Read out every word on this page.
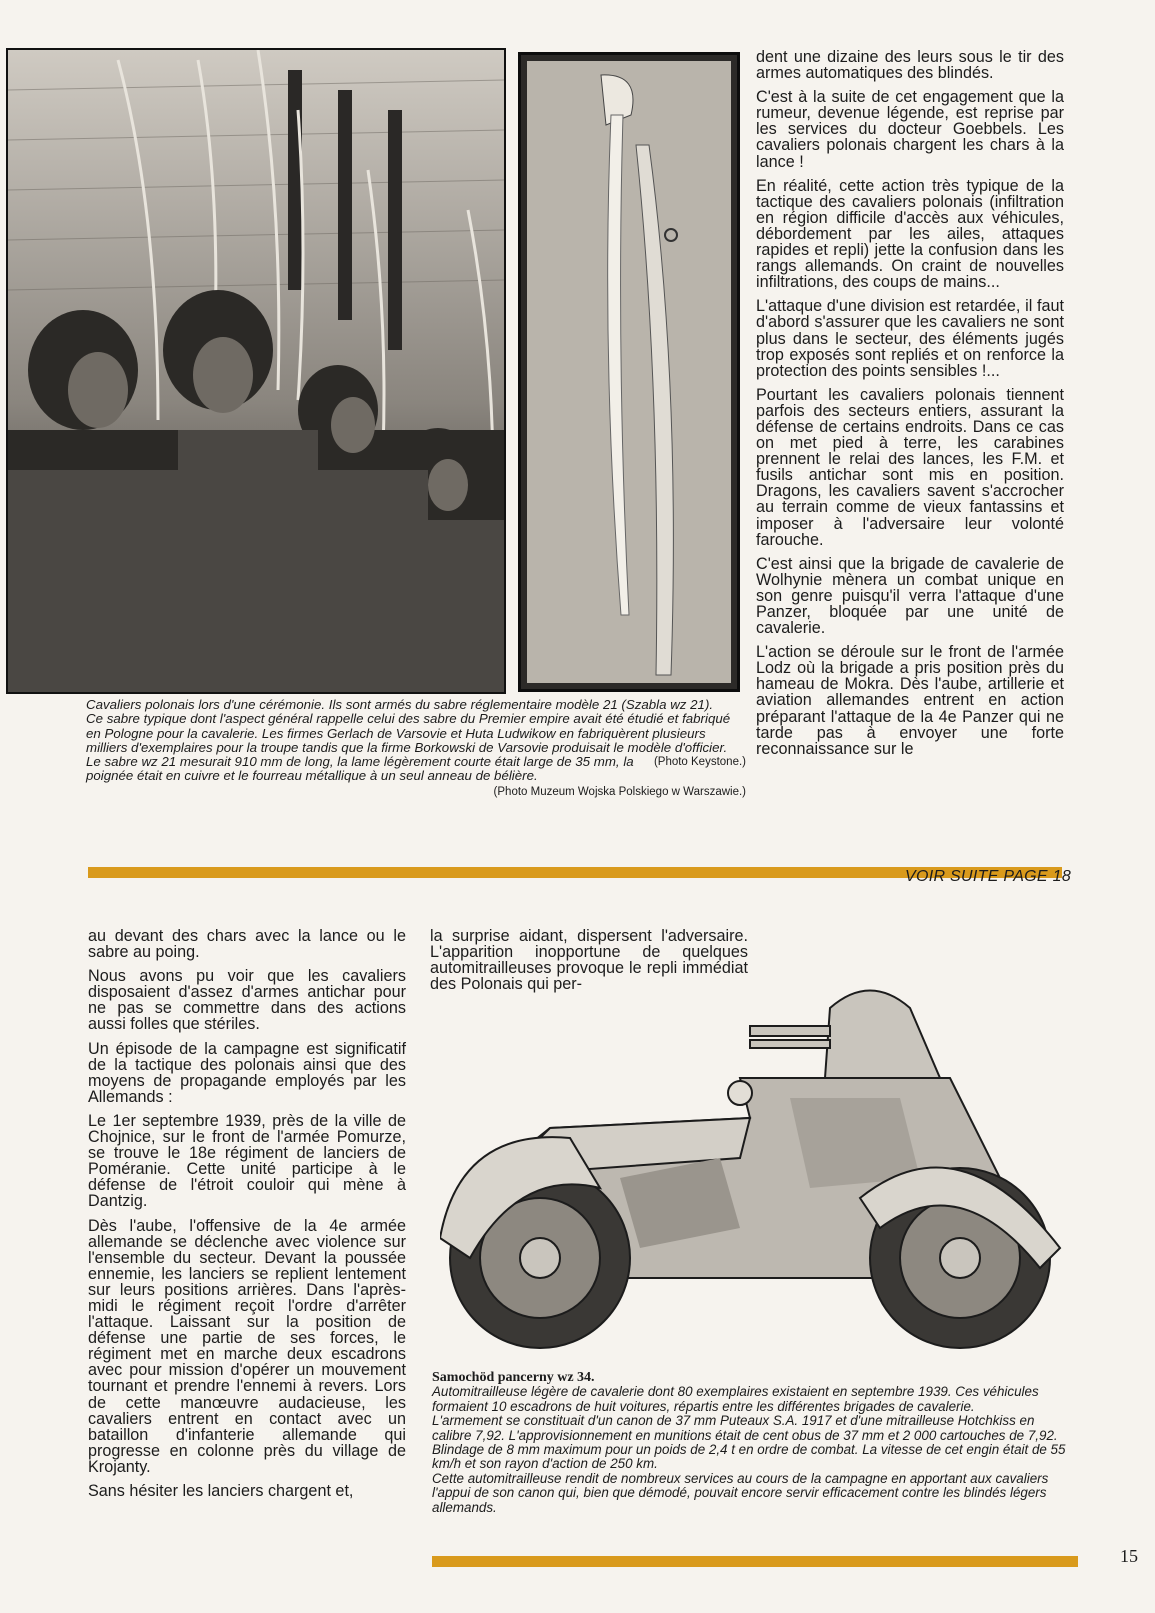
Cavaliers polonais lors d'une cérémonie. Ils sont armés du sabre réglementaire modèle 21 (Szabla wz 21).
Ce sabre typique dont l'aspect général rappelle celui des sabre du Premier empire avait été étudié et fabriqué en Pologne pour la cavalerie. Les firmes Gerlach de Varsovie et Huta Ludwikow en fabriquèrent plusieurs milliers d'exemplaires pour la troupe tandis que la firme Borkowski de Varsovie produisait le modèle d'officier.
(Photo Keystone.)
Le sabre wz 21 mesurait 910 mm de long, la lame légèrement courte était large de 35 mm, la poignée était en cuivre et le fourreau métallique à un seul anneau de bélière.
(Photo Muzeum Wojska Polskiego w Warszawie.)

dent une dizaine des leurs sous le tir des armes automatiques des blindés.

C'est à la suite de cet engagement que la rumeur, devenue légende, est reprise par les services du docteur Goebbels. Les cavaliers polonais chargent les chars à la lance !

En réalité, cette action très typique de la tactique des cavaliers polonais (infiltration en région difficile d'accès aux véhicules, débordement par les ailes, attaques rapides et repli) jette la confusion dans les rangs allemands. On craint de nouvelles infiltrations, des coups de mains...

L'attaque d'une division est retardée, il faut d'abord s'assurer que les cavaliers ne sont plus dans le secteur, des éléments jugés trop exposés sont repliés et on renforce la protection des points sensibles !...

Pourtant les cavaliers polonais tiennent parfois des secteurs entiers, assurant la défense de certains endroits. Dans ce cas on met pied à terre, les carabines prennent le relai des lances, les F.M. et fusils antichar sont mis en position. Dragons, les cavaliers savent s'accrocher au terrain comme de vieux fantassins et imposer à l'adversaire leur volonté farouche.

C'est ainsi que la brigade de cavalerie de Wolhynie mènera un combat unique en son genre puisqu'il verra l'attaque d'une Panzer, bloquée par une unité de cavalerie.

L'action se déroule sur le front de l'armée Lodz où la brigade a pris position près du hameau de Mokra. Dès l'aube, artillerie et aviation allemandes entrent en action préparant l'attaque de la 4e Panzer qui ne tarde pas à envoyer une forte reconnaissance sur le

VOIR SUITE PAGE 18

au devant des chars avec la lance ou le sabre au poing.

Nous avons pu voir que les cavaliers disposaient d'assez d'armes antichar pour ne pas se commettre dans des actions aussi folles que stériles.

Un épisode de la campagne est significatif de la tactique des polonais ainsi que des moyens de propagande employés par les Allemands :

Le 1er septembre 1939, près de la ville de Chojnice, sur le front de l'armée Pomurze, se trouve le 18e régiment de lanciers de Poméranie. Cette unité participe à le défense de l'étroit couloir qui mène à Dantzig.

Dès l'aube, l'offensive de la 4e armée allemande se déclenche avec violence sur l'ensemble du secteur. Devant la poussée ennemie, les lanciers se replient lentement sur leurs positions arrières. Dans l'après-midi le régiment reçoit l'ordre d'arrêter l'attaque. Laissant sur la position de défense une partie de ses forces, le régiment met en marche deux escadrons avec pour mission d'opérer un mouvement tournant et prendre l'ennemi à revers. Lors de cette manœuvre audacieuse, les cavaliers entrent en contact avec un bataillon d'infanterie allemande qui progresse en colonne près du village de Krojanty.

Sans hésiter les lanciers chargent et,

la surprise aidant, dispersent l'adversaire. L'apparition inopportune de quelques automitrailleuses provoque le repli immédiat des Polonais qui per-

Samochöd pancerny wz 34.
Automitrailleuse légère de cavalerie dont 80 exemplaires existaient en septembre 1939. Ces véhicules formaient 10 escadrons de huit voitures, répartis entre les différentes brigades de cavalerie.
L'armement se constituait d'un canon de 37 mm Puteaux S.A. 1917 et d'une mitrailleuse Hotchkiss en calibre 7,92. L'approvisionnement en munitions était de cent obus de 37 mm et 2 000 cartouches de 7,92. Blindage de 8 mm maximum pour un poids de 2,4 t en ordre de combat. La vitesse de cet engin était de 55 km/h et son rayon d'action de 250 km.
Cette automitrailleuse rendit de nombreux services au cours de la campagne en apportant aux cavaliers l'appui de son canon qui, bien que démodé, pouvait encore servir efficacement contre les blindés légers allemands.
15
